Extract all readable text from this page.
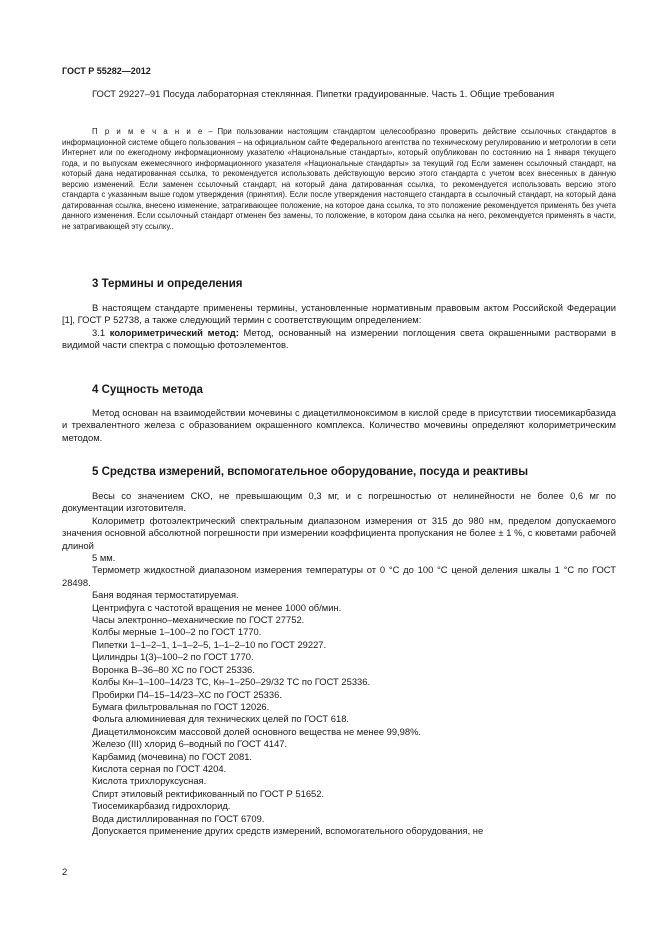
ГОСТ Р 55282—2012

ГОСТ 29227–91 Посуда лабораторная стеклянная. Пипетки градуированные. Часть 1. Общие требования

П р и м е ч а н и е – При пользовании настоящим стандартом целесообразно проверить действие ссылочных стандартов в информационной системе общего пользования – на официальном сайте Федерального агентства по техническому регулированию и метрологии в сети Интернет или по ежегодному информационному указателю «Национальные стандарты», который опубликован по состоянию на 1 января текущего года, и по выпускам ежемесячного информационного указателя «Национальные стандарты» за текущий год Если заменен ссылочный стандарт, на который дана недатированная ссылка, то рекомендуется использовать действующую версию этого стандарта с учетом всех внесенных в данную версию изменений. Если заменен ссылочный стандарт, на который дана датированная ссылка, то рекомендуется использовать версию этого стандарта с указанным выше годом утверждения (принятия). Если после утверждения настоящего стандарта в ссылочный стандарт, на который дана датированная ссылка, внесено изменение, затрагивающее положение, на которое дана ссылка, то это положение рекомендуется применять без учета данного изменения. Если ссылочный стандарт отменен без замены, то положение, в котором дана ссылка на него, рекомендуется применять в части, не затрагивающей эту ссылку..

3 Термины и определения

В настоящем стандарте применены термины, установленные нормативным правовым актом Российской Федерации [1], ГОСТ Р 52738, а также следующий термин с соответствующим определением:

3.1 колориметрический метод: Метод, основанный на измерении поглощения света окрашенными растворами в видимой части спектра с помощью фотоэлементов.

4 Сущность метода

Метод основан на взаимодействии мочевины с диацетилмоноксимом в кислой среде в присутствии тиосемикарбазида и трехвалентного железа с образованием окрашенного комплекса. Количество мочевины определяют колориметрическим методом.

5 Средства измерений, вспомогательное оборудование, посуда и реактивы

Весы со значением СКО, не превышающим 0,3 мг, и с погрешностью от нелинейности не более 0,6 мг по документации изготовителя.

Колориметр фотоэлектрический спектральным диапазоном измерения от 315 до 980 нм, пределом допускаемого значения основной абсолютной погрешности при измерении коэффициента пропускания не более ± 1 %, с кюветами рабочей длиной

5 мм.

Термометр жидкостной диапазоном измерения температуры от 0 °С до 100 °С ценой деления шкалы 1 °С по ГОСТ 28498.

Баня водяная термостатируемая.

Центрифуга с частотой вращения не менее 1000 об/мин.

Часы электронно–механические по ГОСТ 27752.

Колбы мерные 1–100–2 по ГОСТ 1770.

Пипетки 1–1–2–1, 1–1–2–5, 1–1–2–10 по ГОСТ 29227.

Цилиндры 1(3)–100–2 по ГОСТ 1770.

Воронка В–36–80 ХС по ГОСТ 25336.

Колбы Кн–1–100–14/23 ТС, Кн–1–250–29/32 ТС по ГОСТ 25336.

Пробирки П4–15–14/23–ХС по ГОСТ 25336.

Бумага фильтровальная по ГОСТ 12026.

Фольга алюминиевая для технических целей по ГОСТ 618.

Диацетилмоноксим массовой долей основного вещества не менее 99,98%.

Железо (III) хлорид 6–водный по ГОСТ 4147.

Карбамид (мочевина) по ГОСТ 2081.

Кислота серная по ГОСТ 4204.

Кислота трихлоруксусная.

Спирт этиловый ректификованный по ГОСТ Р 51652.

Тиосемикарбазид гидрохлорид.

Вода дистиллированная по ГОСТ 6709.

Допускается применение других средств измерений, вспомогательного оборудования, не

2
